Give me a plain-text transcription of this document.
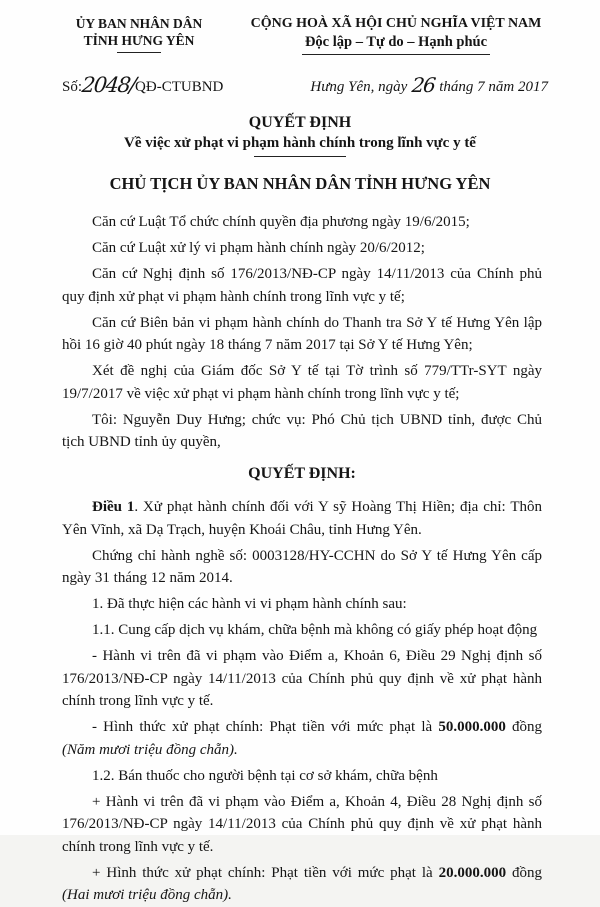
ỦY BAN NHÂN DÂN
TỈNH HƯNG YÊN
CỘNG HOÀ XÃ HỘI CHỦ NGHĨA VIỆT NAM
Độc lập – Tự do – Hạnh phúc
Số:2048/QĐ-CTUBND	Hưng Yên, ngày 26 tháng 7 năm 2017
QUYẾT ĐỊNH
Về việc xử phạt vi phạm hành chính trong lĩnh vực y tế
CHỦ TỊCH ỦY BAN NHÂN DÂN TỈNH HƯNG YÊN

Căn cứ Luật Tổ chức chính quyền địa phương ngày 19/6/2015;

Căn cứ Luật xử lý vi phạm hành chính ngày 20/6/2012;

Căn cứ Nghị định số 176/2013/NĐ-CP ngày 14/11/2013 của Chính phủ quy định xử phạt vi phạm hành chính trong lĩnh vực y tế;

Căn cứ Biên bản vi phạm hành chính do Thanh tra Sở Y tế Hưng Yên lập hồi 16 giờ 40 phút ngày 18 tháng 7 năm 2017 tại Sở Y tế Hưng Yên;

Xét đề nghị của Giám đốc Sở Y tế tại Tờ trình số 779/TTr-SYT ngày 19/7/2017 về việc xử phạt vi phạm hành chính trong lĩnh vực y tế;

Tôi: Nguyễn Duy Hưng; chức vụ: Phó Chủ tịch UBND tỉnh, được Chủ tịch UBND tỉnh ủy quyền,

QUYẾT ĐỊNH:

Điều 1. Xử phạt hành chính đối với Y sỹ Hoàng Thị Hiền; địa chỉ: Thôn Yên Vĩnh, xã Dạ Trạch, huyện Khoái Châu, tỉnh Hưng Yên.

Chứng chỉ hành nghề số: 0003128/HY-CCHN do Sở Y tế Hưng Yên cấp ngày 31 tháng 12 năm 2014.

1. Đã thực hiện các hành vi vi phạm hành chính sau:

1.1. Cung cấp dịch vụ khám, chữa bệnh mà không có giấy phép hoạt động

- Hành vi trên đã vi phạm vào Điểm a, Khoản 6, Điều 29 Nghị định số 176/2013/NĐ-CP ngày 14/11/2013 của Chính phủ quy định về xử phạt hành chính trong lĩnh vực y tế.

- Hình thức xử phạt chính: Phạt tiền với mức phạt là 50.000.000 đồng (Năm mươi triệu đồng chẵn).

1.2. Bán thuốc cho người bệnh tại cơ sở khám, chữa bệnh

+ Hành vi trên đã vi phạm vào Điểm a, Khoản 4, Điều 28 Nghị định số 176/2013/NĐ-CP ngày 14/11/2013 của Chính phủ quy định về xử phạt hành chính trong lĩnh vực y tế.

+ Hình thức xử phạt chính: Phạt tiền với mức phạt là 20.000.000 đồng (Hai mươi triệu đồng chẵn).
